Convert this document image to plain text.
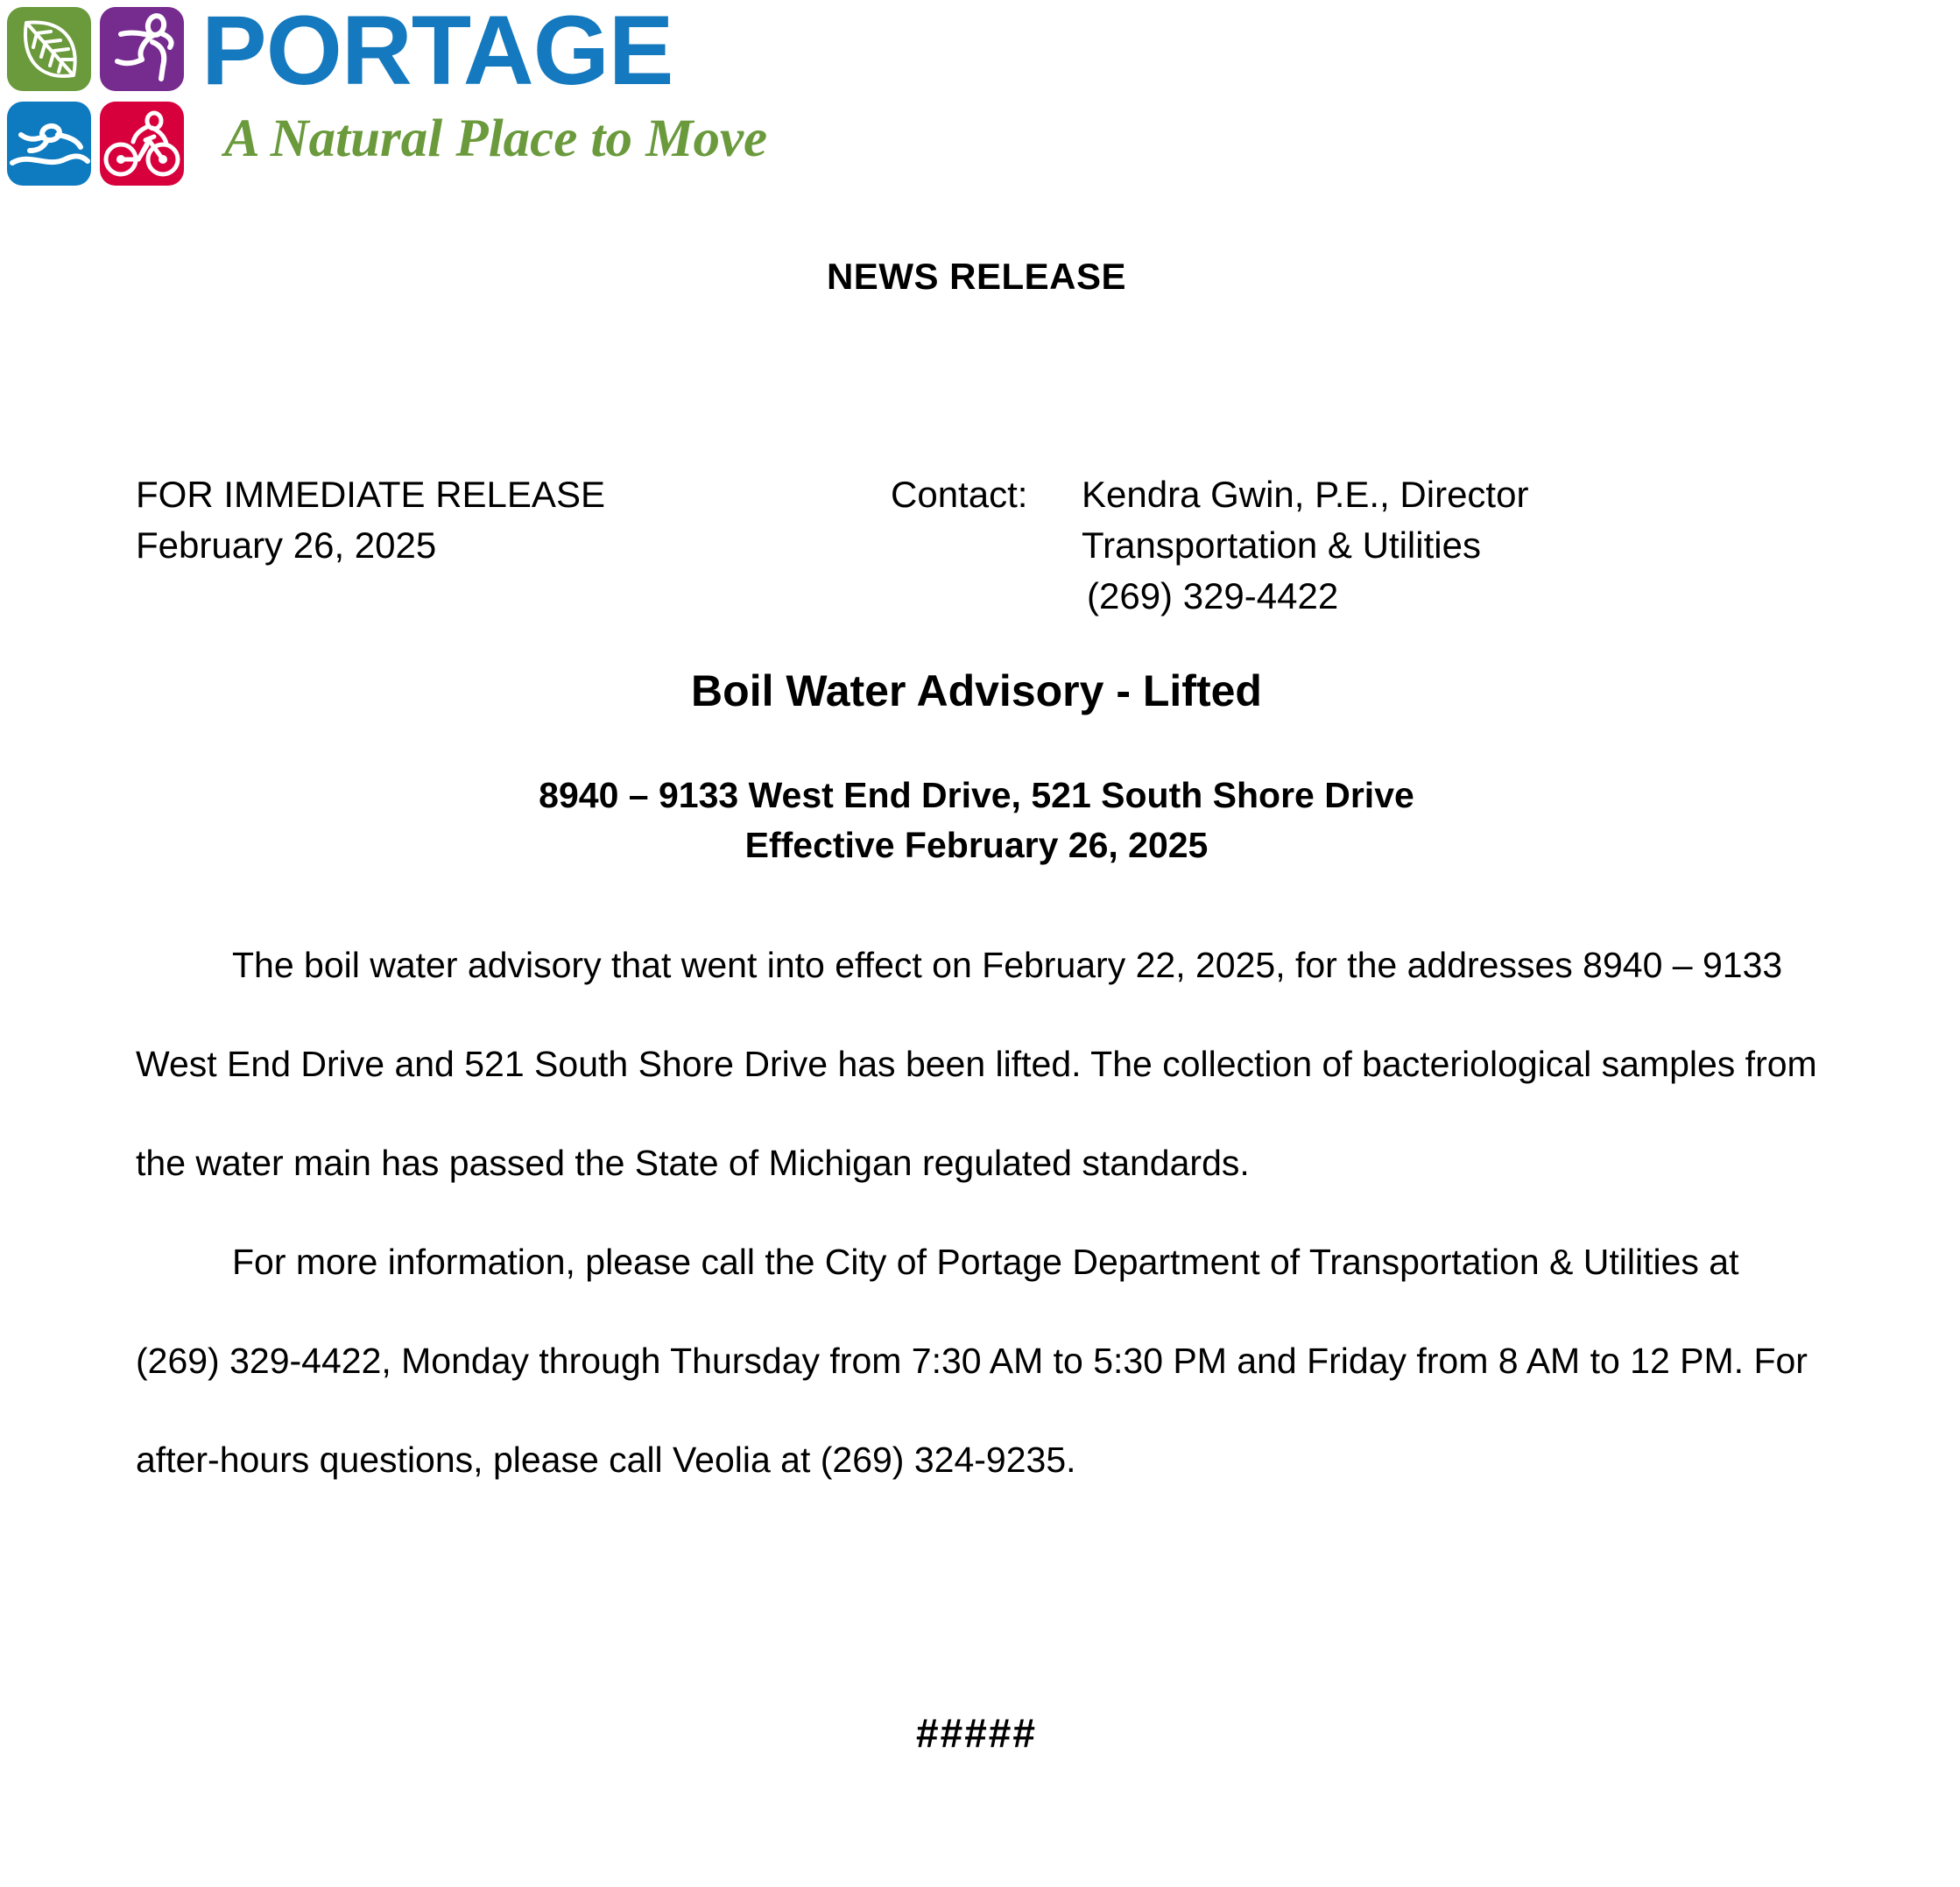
PORTAGE
A Natural Place to Move
NEWS RELEASE
FOR IMMEDIATE RELEASE
February 26, 2025
Contact: Kendra Gwin, P.E., Director
Transportation & Utilities
(269) 329-4422
Boil Water Advisory - Lifted
8940 – 9133 West End Drive, 521 South Shore Drive
Effective February 26, 2025

The boil water advisory that went into effect on February 22, 2025, for the addresses 8940 – 9133 West End Drive and 521 South Shore Drive has been lifted. The collection of bacteriological samples from the water main has passed the State of Michigan regulated standards.

For more information, please call the City of Portage Department of Transportation & Utilities at (269) 329-4422, Monday through Thursday from 7:30 AM to 5:30 PM and Friday from 8 AM to 12 PM. For after-hours questions, please call Veolia at (269) 324-9235.

#####
